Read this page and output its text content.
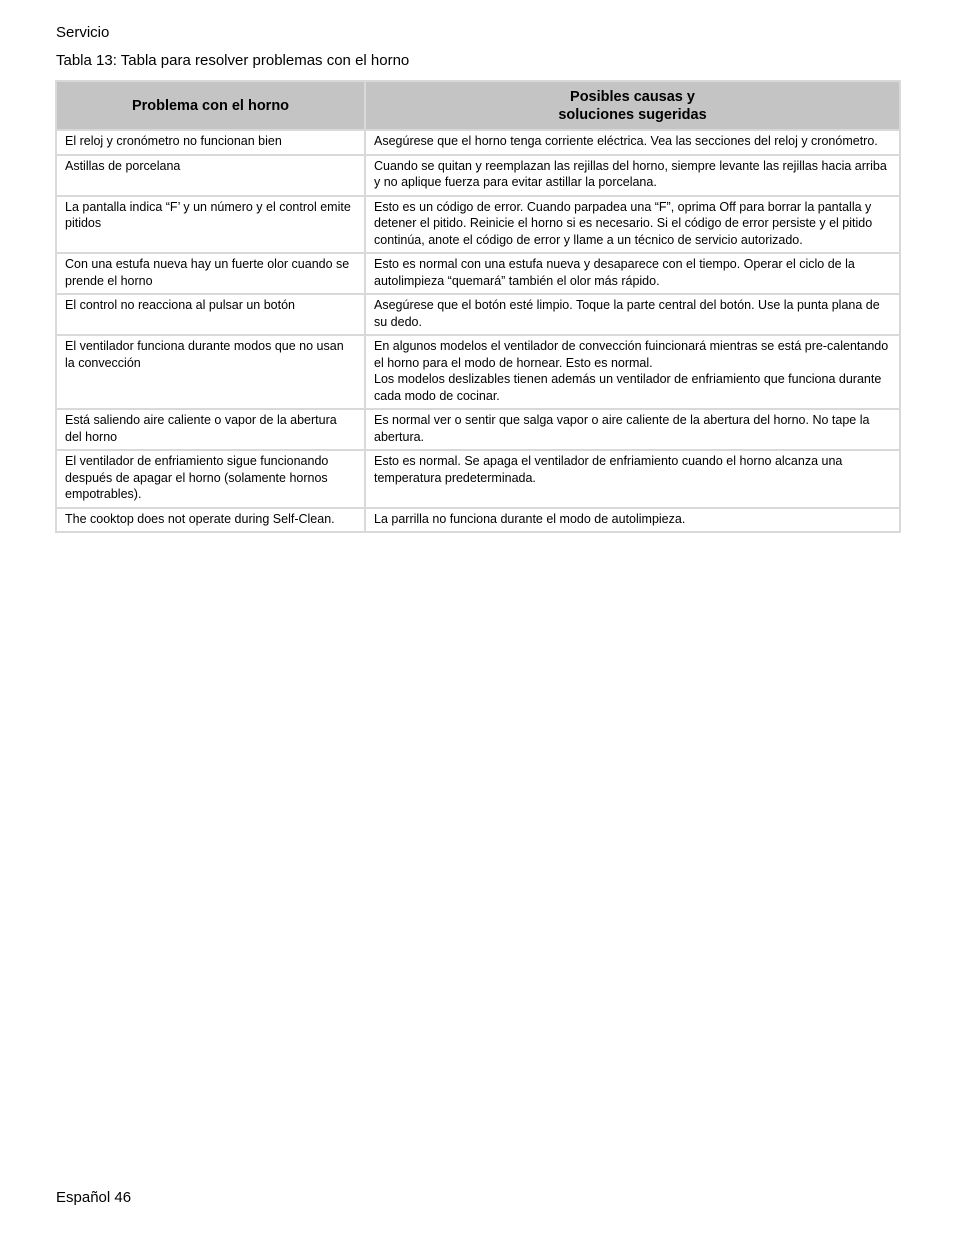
Servicio

Tabla 13: Tabla para resolver problemas con el horno

Problema con el horno	Posibles causas y
soluciones sugeridas

El reloj y cronómetro no funcionan bien	Asegúrese que el horno tenga corriente eléctrica. Vea las secciones del reloj y cronómetro.
Astillas de porcelana	Cuando se quitan y reemplazan las rejillas del horno, siempre levante las rejillas hacia arriba y no aplique fuerza para evitar astillar la porcelana.
La pantalla indica “F’ y un número y el control emite pitidos	Esto es un código de error. Cuando parpadea una “F”, oprima Off para borrar la pantalla y detener el pitido. Reinicie el horno si es necesario. Si el código de error persiste y el pitido continúa, anote el código de error y llame a un técnico de servicio autorizado.
Con una estufa nueva hay un fuerte olor cuando se prende el horno	Esto es normal con una estufa nueva y desaparece con el tiempo. Operar el ciclo de la autolimpieza “quemará” también el olor más rápido.
El control no reacciona al pulsar un botón	Asegúrese que el botón esté limpio. Toque la parte central del botón. Use la punta plana de su dedo.
El ventilador funciona durante modos que no usan la convección	En algunos modelos el ventilador de convección fuincionará mientras se está pre-calentando el horno para el modo de hornear. Esto es normal.
Los modelos deslizables tienen además un ventilador de enfriamiento que funciona durante cada modo de cocinar.

Está saliendo aire caliente o vapor de la abertura del horno	Es normal ver o sentir que salga vapor o aire caliente de la abertura del horno. No tape la abertura.
El ventilador de enfriamiento sigue funcionando después de apagar el horno (solamente hornos empotrables).	Esto es normal. Se apaga el ventilador de enfriamiento cuando el horno alcanza una temperatura predeterminada.
The cooktop does not operate during Self-Clean.	La parrilla no funciona durante el modo de autolimpieza.

Español 46
